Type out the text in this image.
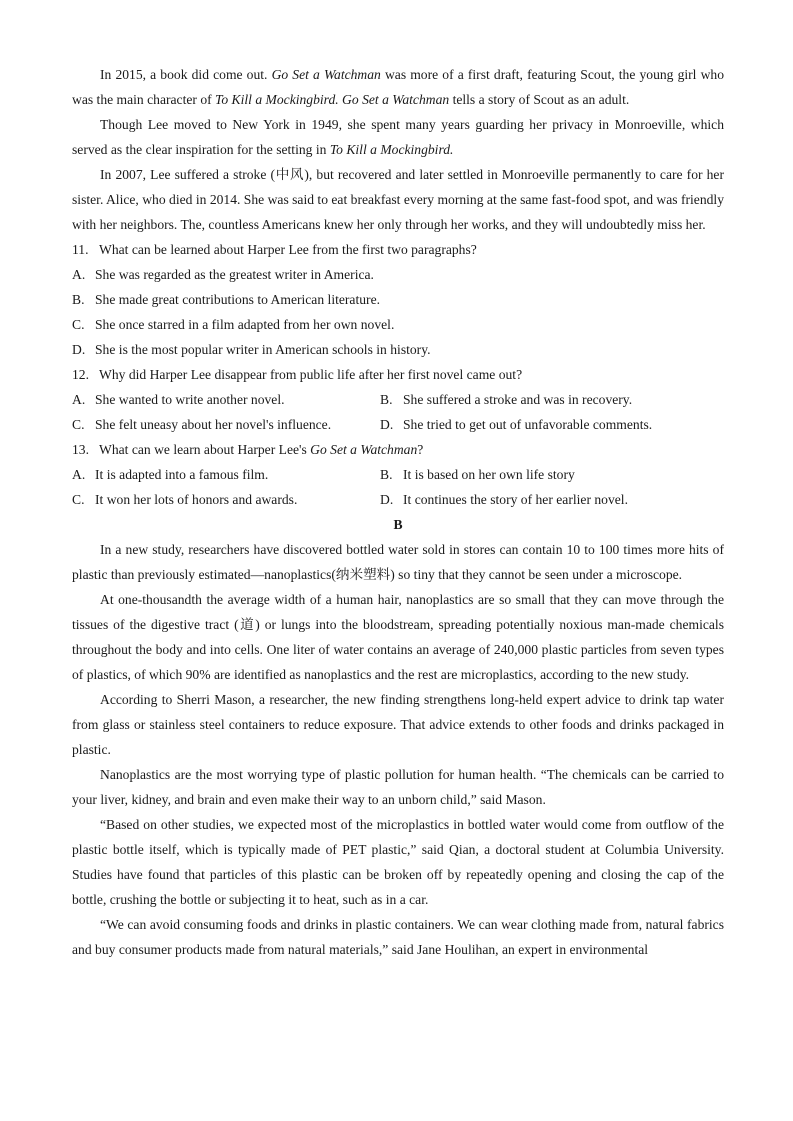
In 2015, a book did come out. Go Set a Watchman was more of a first draft, featuring Scout, the young girl who was the main character of To Kill a Mockingbird. Go Set a Watchman tells a story of Scout as an adult.

Though Lee moved to New York in 1949, she spent many years guarding her privacy in Monroeville, which served as the clear inspiration for the setting in To Kill a Mockingbird.

In 2007, Lee suffered a stroke (中风), but recovered and later settled in Monroeville permanently to care for her sister. Alice, who died in 2014. She was said to eat breakfast every morning at the same fast-food spot, and was friendly with her neighbors. The, countless Americans knew her only through her works, and they will undoubtedly miss her.

11. What can be learned about Harper Lee from the first two paragraphs?

A. She was regarded as the greatest writer in America.

B. She made great contributions to American literature.

C. She once starred in a film adapted from her own novel.

D. She is the most popular writer in American schools in history.

12. Why did Harper Lee disappear from public life after her first novel came out?

A. She wanted to write another novel.	B. She suffered a stroke and was in recovery.

C. She felt uneasy about her novel's influence.	D. She tried to get out of unfavorable comments.

13. What can we learn about Harper Lee's Go Set a Watchman?

A. It is adapted into a famous film.	B. It is based on her own life story

C. It won her lots of honors and awards.	D. It continues the story of her earlier novel.

B

In a new study, researchers have discovered bottled water sold in stores can contain 10 to 100 times more hits of plastic than previously estimated—nanoplastics(纳米塑料) so tiny that they cannot be seen under a microscope.

At one-thousandth the average width of a human hair, nanoplastics are so small that they can move through the tissues of the digestive tract (道) or lungs into the bloodstream, spreading potentially noxious man-made chemicals throughout the body and into cells. One liter of water contains an average of 240,000 plastic particles from seven types of plastics, of which 90% are identified as nanoplastics and the rest are microplastics, according to the new study.

According to Sherri Mason, a researcher, the new finding strengthens long-held expert advice to drink tap water from glass or stainless steel containers to reduce exposure. That advice extends to other foods and drinks packaged in plastic.

Nanoplastics are the most worrying type of plastic pollution for human health. “The chemicals can be carried to your liver, kidney, and brain and even make their way to an unborn child,” said Mason.

“Based on other studies, we expected most of the microplastics in bottled water would come from outflow of the plastic bottle itself, which is typically made of PET plastic,” said Qian, a doctoral student at Columbia University. Studies have found that particles of this plastic can be broken off by repeatedly opening and closing the cap of the bottle, crushing the bottle or subjecting it to heat, such as in a car.

“We can avoid consuming foods and drinks in plastic containers. We can wear clothing made from, natural fabrics and buy consumer products made from natural materials,” said Jane Houlihan, an expert in environmental
